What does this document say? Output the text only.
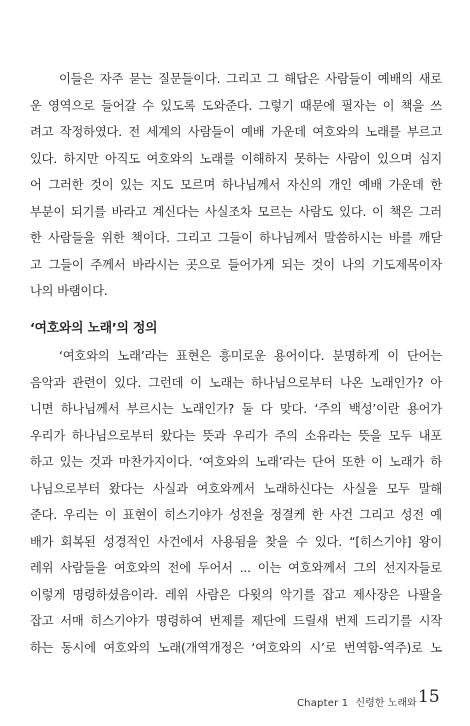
이들은 자주 묻는 질문들이다. 그리고 그 해답은 사람들이 예배의 새로
운 영역으로 들어갈 수 있도록 도와준다. 그렇기 때문에 필자는 이 책을 쓰
려고 작정하였다. 전 세계의 사람들이 예배 가운데 여호와의 노래를 부르고
있다. 하지만 아직도 여호와의 노래를 이해하지 못하는 사람이 있으며 심지
어 그러한 것이 있는 지도 모르며 하나님께서 자신의 개인 예배 가운데 한
부분이 되기를 바라고 계신다는 사실조차 모르는 사람도 있다. 이 책은 그러
한 사람들을 위한 책이다. 그리고 그들이 하나님께서 말씀하시는 바를 깨닫
고 그들이 주께서 바라시는 곳으로 들어가게 되는 것이 나의 기도제목이자
나의 바램이다.
‘여호와의 노래’의 정의
‘여호와의 노래’라는 표현은 흥미로운 용어이다. 분명하게 이 단어는
음악과 관련이 있다. 그런데 이 노래는 하나님으로부터 나온 노래인가? 아
니면 하나님께서 부르시는 노래인가? 둘 다 맞다. ‘주의 백성’이란 용어가
우리가 하나님으로부터 왔다는 뜻과 우리가 주의 소유라는 뜻을 모두 내포
하고 있는 것과 마찬가지이다. ‘여호와의 노래’라는 단어 또한 이 노래가 하
나님으로부터 왔다는 사실과 여호와께서 노래하신다는 사실을 모두 말해
준다. 우리는 이 표현이 히스기야가 성전을 정결케 한 사건 그리고 성전 예
배가 회복된 성경적인 사건에서 사용됨을 찾을 수 있다. “[히스기야] 왕이
레위 사람들을 여호와의 전에 두어서 ... 이는 여호와께서 그의 선지자들로
이렇게 명령하셨음이라. 레위 사람은 다윗의 악기를 잡고 제사장은 나팔을
잡고 서매 히스기야가 명령하여 번제를 제단에 드릴새 번제 드리기를 시작
하는 동시에 여호와의 노래(개역개정은 ‘여호와의 시’로 번역함-역주)로 노
Chapter 1 신령한 노래와 15
